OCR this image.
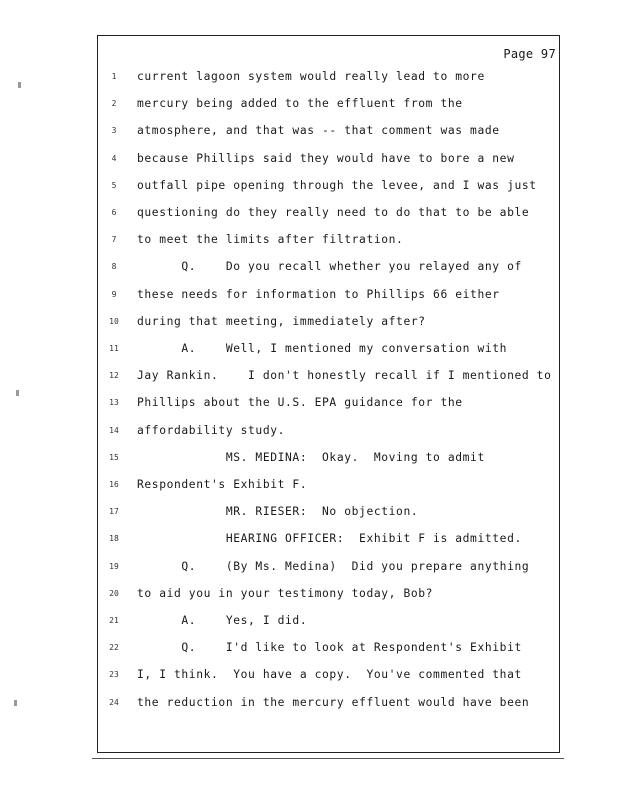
Page 97
1	current lagoon system would really lead to more
2	mercury being added to the effluent from the
3	atmosphere, and that was -- that comment was made
4	because Phillips said they would have to bore a new
5	outfall pipe opening through the levee, and I was just
6	questioning do they really need to do that to be able
7	to meet the limits after filtration.
8	Q.    Do you recall whether you relayed any of
9	these needs for information to Phillips 66 either
10 during that meeting, immediately after?
11 A.    Well, I mentioned my conversation with
12 Jay Rankin.    I don't honestly recall if I mentioned to
13 Phillips about the U.S. EPA guidance for the
14 affordability study.
15 MS. MEDINA:  Okay.  Moving to admit
16 Respondent's Exhibit F.
17 MR. RIESER:  No objection.
18 HEARING OFFICER:  Exhibit F is admitted.
19 Q.    (By Ms. Medina)  Did you prepare anything
20 to aid you in your testimony today, Bob?
21 A.    Yes, I did.
22 Q.    I'd like to look at Respondent's Exhibit
23 I, I think.  You have a copy.  You've commented that
24 the reduction in the mercury effluent would have been
